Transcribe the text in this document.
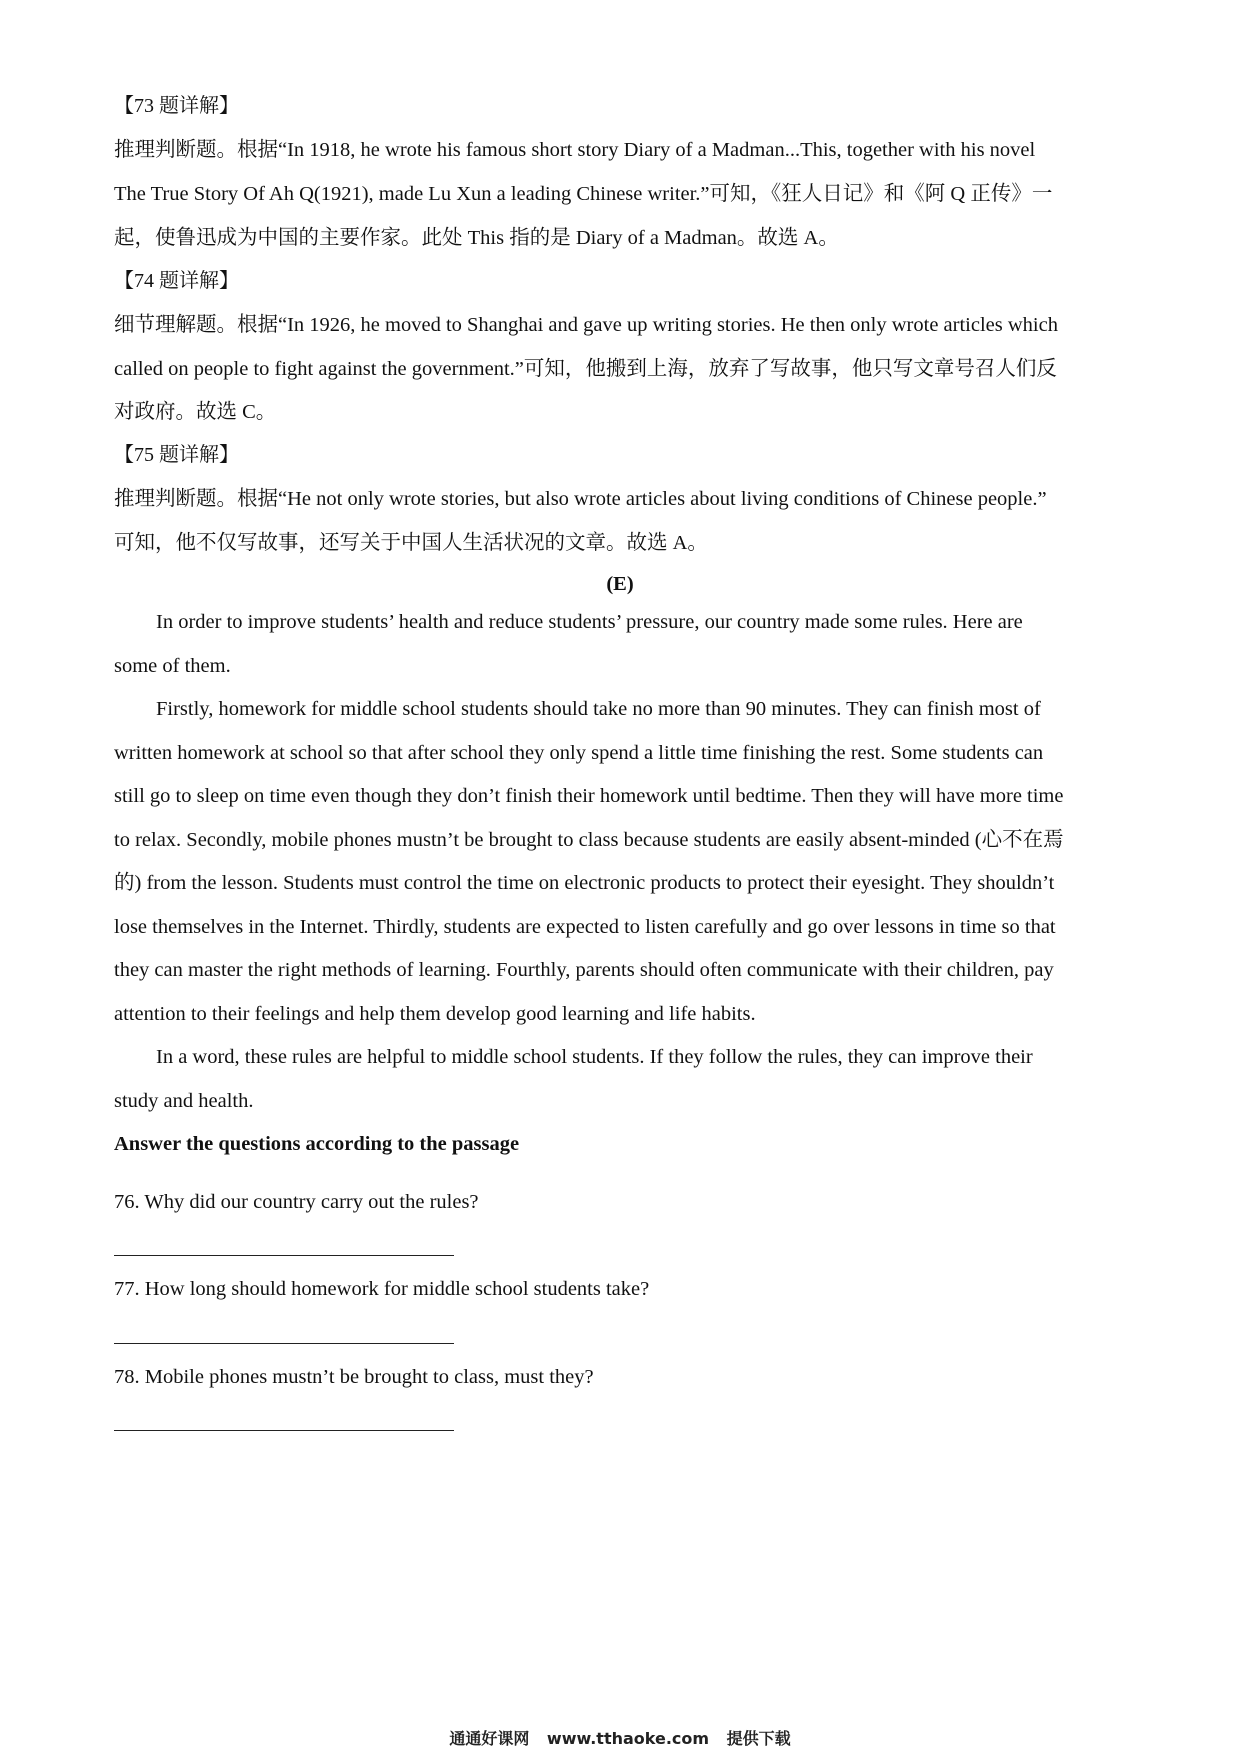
【73 题详解】
推理判断题。根据“In 1918, he wrote his famous short story Diary of a Madman...This, together with his novel
The True Story Of Ah Q(1921), made Lu Xun a leading Chinese writer.”可知，《狂人日记》和《阿 Q 正传》一
起，使鲁迅成为中国的主要作家。此处 This 指的是 Diary of a Madman。故选 A。
【74 题详解】
细节理解题。根据“In 1926, he moved to Shanghai and gave up writing stories. He then only wrote articles which
called on people to fight against the government.”可知，他搬到上海，放弃了写故事，他只写文章号召人们反
对政府。故选 C。
【75 题详解】
推理判断题。根据“He not only wrote stories, but also wrote articles about living conditions of Chinese people.”
可知，他不仅写故事，还写关于中国人生活状况的文章。故选 A。
(E)
In order to improve students’ health and reduce students’ pressure, our country made some rules. Here are
some of them.
Firstly, homework for middle school students should take no more than 90 minutes. They can finish most of
written homework at school so that after school they only spend a little time finishing the rest. Some students can
still go to sleep on time even though they don’t finish their homework until bedtime. Then they will have more time
to relax. Secondly, mobile phones mustn’t be brought to class because students are easily absent-minded (心不在焉
的) from the lesson. Students must control the time on electronic products to protect their eyesight. They shouldn’t
lose themselves in the Internet. Thirdly, students are expected to listen carefully and go over lessons in time so that
they can master the right methods of learning. Fourthly, parents should often communicate with their children, pay
attention to their feelings and help them develop good learning and life habits.
In a word, these rules are helpful to middle school students. If they follow the rules, they can improve their
study and health.
Answer the questions according to the passage
76. Why did our country carry out the rules?
77. How long should homework for middle school students take?
78. Mobile phones mustn’t be brought to class, must they?
通通好课网 www.tthaoke.com 提供下载
